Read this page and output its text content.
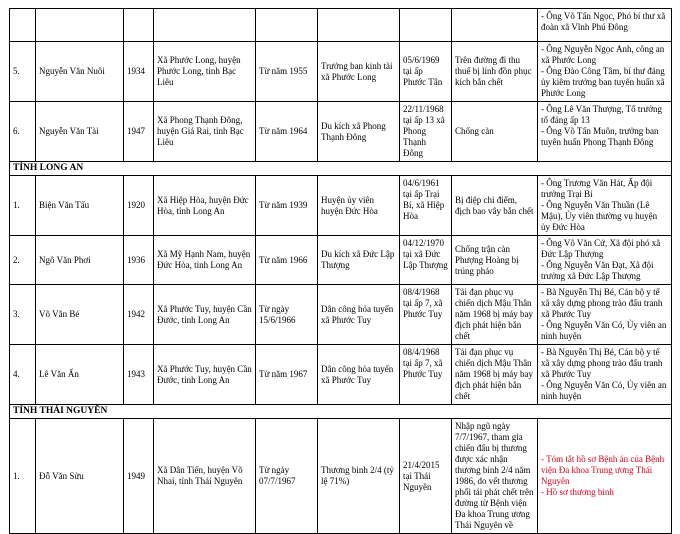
								- Ông Võ Tấn Ngọc, Phó bí thư xã đoàn xã Vĩnh Phú Đông

5.	Nguyễn Văn Nuôi	1934	Xã Phước Long, huyện Phước Long, tỉnh Bạc Liêu	Từ năm 1955	Trưởng ban kinh tài xã Phước Long	05/6/1969 tại ấp Phước Tân	Trên đường đi thu thuế bị lính đồn phục kích bắn chết	- Ông Nguyễn Ngọc Anh, công an xã Phước Long
- Ông Đào Công Tâm, bí thư đảng ủy kiêm trưởng ban tuyên huấn xã Phước Long

6.	Nguyễn Văn Tài	1947	Xã Phong Thạnh Đông, huyện Giá Rai, tỉnh Bạc Liêu	Từ năm 1964	Du kích xã Phong Thạnh Đông	22/11/1968 tại ấp 13 xã Phong Thạnh Đông	Chống càn	- Ông Lê Văn Thượng, Tổ trưởng tổ đảng ấp 13
- Ông Võ Tấn Muôn, trưởng ban tuyên huấn Phong Thạnh Đông

TỈNH LONG AN								
1.	Biện Văn Tấu	1920	Xã Hiệp Hòa, huyện Đức Hòa, tỉnh Long An	Từ năm 1939	Huyện ủy viên huyện Đức Hòa	04/6/1961 tại ấp Trại Bí, xã Hiệp Hòa	Bị điệp chỉ điểm, địch bao vây bắn chết	- Ông Trương Văn Hát, Ấp đội trưởng Trại Bí
- Ông Nguyễn Văn Thuần (Lê Mậu), Ủy viên thường vụ huyện ủy Đức Hòa

2.	Ngô Văn Phơi	1936	Xã Mỹ Hạnh Nam, huyện Đức Hòa, tỉnh Long An	Từ năm 1966	Du kích xã Đức Lập Thượng	04/12/1970 tại xã Đức Lập Thượng	Chống trận càn Phượng Hoàng bị trúng pháo	- Ông Võ Văn Cứ, Xã đội phó xã Đức Lập Thượng
- Ông Nguyễn Văn Đạt, Xã đội trưởng xã Đức Lập Thượng

3.	Võ Văn Bé	1942	Xã Phước Tuy, huyện Cần Đước, tỉnh Long An	Từ ngày 15/6/1966	Dân công hỏa tuyến xã Phước Tuy	08/4/1968 tại ấp 7, xã Phước Tuy	Tải đạn phục vụ chiến dịch Mậu Thân năm 1968 bị máy bay địch phát hiện bắn chết	- Bà Nguyễn Thị Bé, Cán bộ y tế xã xây dựng phong trào đấu tranh xã Phước Tuy
- Ông Nguyễn Văn Có, Ủy viên an ninh huyện

4.	Lê Văn Ấn	1943	Xã Phước Tuy, huyện Cần Đước, tỉnh Long An	Từ năm 1967	Dân công hỏa tuyến xã Phước Tuy	08/4/1968 tại ấp 7, xã Phước Tuy	Tải đạn phục vụ chiến dịch Mậu Thân năm 1968 bị máy bay địch phát hiện bắn chết	- Bà Nguyễn Thị Bé, Cán bộ y tế xã xây dựng phong trào đấu tranh xã Phước Tuy
- Ông Nguyễn Văn Có, Ủy viên an ninh huyện

TỈNH THÁI NGUYÊN								
1.	Đỗ Văn Sửu	1949	Xã Dân Tiến, huyện Võ Nhai, tỉnh Thái Nguyên	Từ ngày 07/7/1967	Thương binh 2/4 (tỷ lệ 71%)	21/4/2015 tại Thái Nguyên	Nhập ngũ ngày 7/7/1967, tham gia chiến đấu bị thương được xác nhận thương binh 2/4 năm 1986, do vết thương phổi tái phát chết trên đường từ Bệnh viện Đa khoa Trung ương Thái Nguyên về	- Tóm tắt hồ sơ Bệnh án của Bệnh viện Đa khoa Trung ương Thái Nguyên
- Hồ sơ thương binh
